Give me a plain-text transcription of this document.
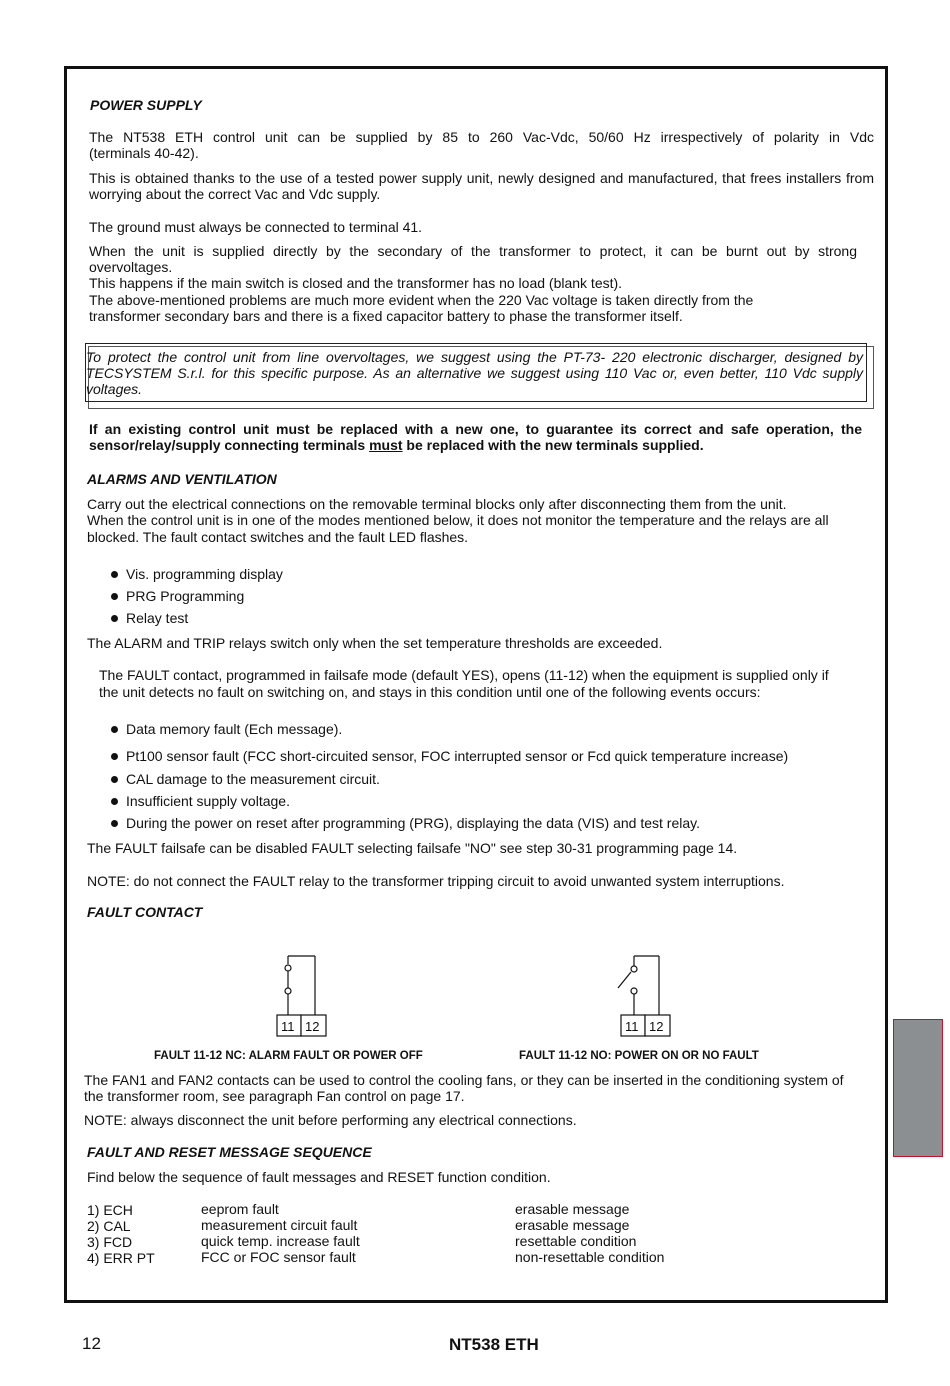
POWER SUPPLY
The NT538 ETH control unit can be supplied by 85 to 260 Vac-Vdc, 50/60 Hz irrespectively of polarity in Vdc
(terminals 40-42).
This is obtained thanks to the use of a tested power supply unit, newly designed and manufactured, that frees installers from
worrying about the correct Vac and Vdc supply.
The ground must always be connected to terminal 41.
When the unit is supplied directly by the secondary of the transformer to protect, it can be burnt out by strong
overvoltages.
This happens if the main switch is closed and the transformer has no load (blank test).
The above-mentioned problems are much more evident when the 220 Vac voltage is taken directly from the
transformer secondary bars and there is a fixed capacitor battery to phase the transformer itself.
To protect the control unit from line overvoltages, we suggest using the PT-73- 220 electronic discharger, designed by
TECSYSTEM S.r.l. for this specific purpose. As an alternative we suggest using 110 Vac or, even better, 110 Vdc supply
voltages.
If an existing control unit must be replaced with a new one, to guarantee its correct and safe operation, the
sensor/relay/supply connecting terminals must be replaced with the new terminals supplied.
ALARMS AND VENTILATION
Carry out the electrical connections on the removable terminal blocks only after disconnecting them from the unit.
When the control unit is in one of the modes mentioned below, it does not monitor the temperature and the relays are all
blocked. The fault contact switches and the fault LED flashes.
Vis. programming display
PRG Programming
Relay test
The ALARM and TRIP relays switch only when the set temperature thresholds are exceeded.
The FAULT contact, programmed in failsafe mode (default YES), opens (11-12) when the equipment is supplied only if
the unit detects no fault on switching on, and stays in this condition until one of the following events occurs:
Data memory fault (Ech message).
Pt100 sensor fault (FCC short-circuited sensor, FOC interrupted sensor or Fcd quick temperature increase)
CAL damage to the measurement circuit.
Insufficient supply voltage.
During the power on reset after programming (PRG), displaying the data (VIS) and test relay.
The FAULT failsafe can be disabled FAULT selecting failsafe "NO" see step 30-31 programming page 14.
NOTE: do not connect the FAULT relay to the transformer tripping circuit to avoid unwanted system interruptions.
FAULT CONTACT
11 12	11 12
FAULT 11-12 NC: ALARM FAULT OR POWER OFF	FAULT 11-12 NO: POWER ON OR NO FAULT
The FAN1 and FAN2 contacts can be used to control the cooling fans, or they can be inserted in the conditioning system of
the transformer room, see paragraph Fan control on page 17.
NOTE: always disconnect the unit before performing any electrical connections.
FAULT AND RESET MESSAGE SEQUENCE
Find below the sequence of fault messages and RESET function condition.
1) ECH	eeprom fault	erasable message
2) CAL	measurement circuit fault	erasable message
3) FCD	quick temp. increase fault	resettable condition
4) ERR PT	FCC or FOC sensor fault	non-resettable condition
12	NT538 ETH
